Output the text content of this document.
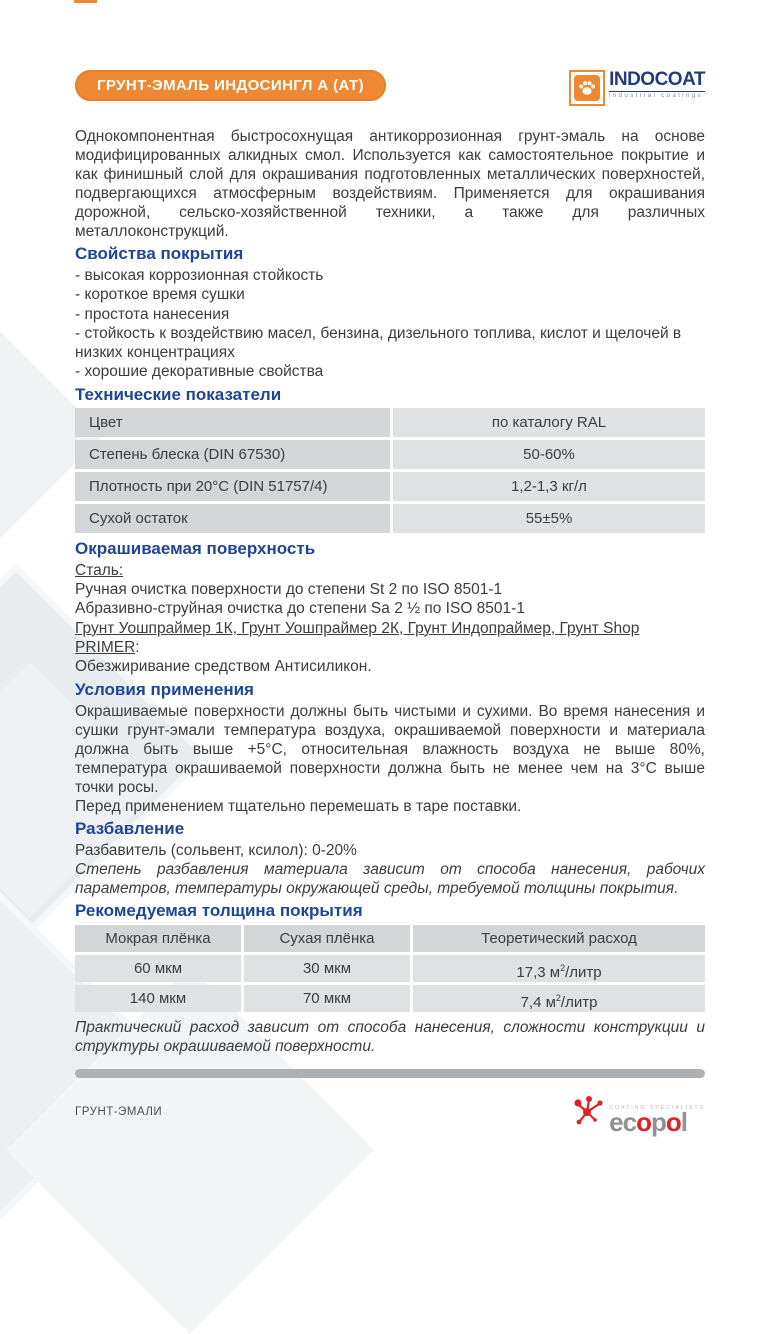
ГРУНТ-ЭМАЛЬ ИНДОСИНГЛ А (АТ)	INDOCOAT
industrial coatings

Однокомпонентная быстросохнущая антикоррозионная грунт-эмаль на основе модифицированных алкидных смол. Используется как самостоятельное покрытие и как финишный слой для окрашивания подготовленных металлических поверхностей, подвергающихся атмосферным воздействиям. Применяется для окрашивания дорожной, сельско-хозяйственной техники, а также для различных металлоконструкций.

Свойства покрытия

- высокая коррозионная стойкость

- короткое время сушки

- простота нанесения

- стойкость к воздействию масел, бензина, дизельного топлива, кислот и щелочей в низких концентрациях

- хорошие декоративные свойства

Технические показатели
Цвет	по каталогу RAL
Степень блеска (DIN 67530)	50-60%
Плотность при 20°C (DIN 51757/4)	1,2-1,3 кг/л
Сухой остаток	55±5%
Окрашиваемая поверхность

Сталь:

Ручная очистка поверхности до степени St 2 по ISO 8501-1

Абразивно-струйная очистка до степени Sa 2 ½ по ISO 8501-1

Грунт Уошпраймер 1К, Грунт Уошпраймер 2К, Грунт Индопраймер, Грунт Shop PRIMER:

Обезжиривание средством Антисиликон.

Условия применения

Окрашиваемые поверхности должны быть чистыми и сухими. Во время нанесения и сушки грунт-эмали температура воздуха, окрашиваемой поверхности и материала должна быть выше +5°С, относительная влажность воздуха не выше 80%, температура окрашиваемой поверхности должна быть не менее чем на 3°С выше точки росы.

Перед применением тщательно перемешать в таре поставки.

Разбавление

Разбавитель (сольвент, ксилол): 0-20%

Степень разбавления материала зависит от способа нанесения, рабочих параметров, температуры окружающей среды, требуемой толщины покрытия.

Рекомедуемая толщина покрытия
Мокрая плёнка	Сухая плёнка	Теоретический расход
60 мкм	30 мкм	17,3 $м^2$/литр
140 мкм	70 мкм	7,4 $м^2$/литр

Практический расход зависит от способа нанесения, сложности конструкции и структуры окрашиваемой поверхности.

ГРУНТ-ЭМАЛИ	COATING SPECIALISTS
ecopol
